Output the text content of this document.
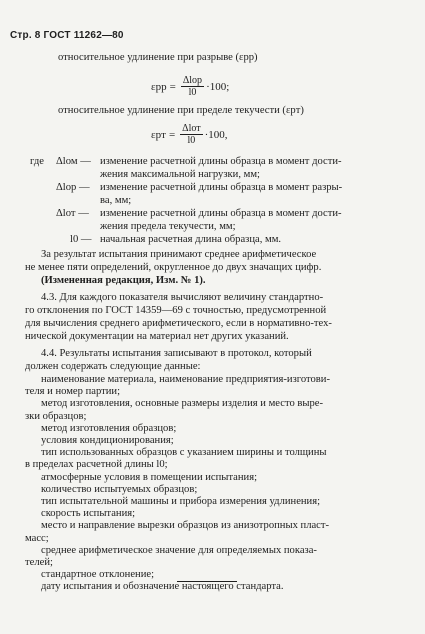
Стр. 8 ГОСТ 11262—80
относительное удлинение при разрыве (εpp)
$\varepsilon pp = \frac{\text{Δlop}}{l0} \cdot 100$;
относительное удлинение при пределе текучести (εpт)
$\varepsilon pт = \frac{\text{Δlот}}{l0} \cdot 100$,
где Δlом — изменение расчетной длины образца в момент дости-
жения максимальной нагрузки, мм;
Δlор — изменение расчетной длины образца в момент разры-
ва, мм;
Δlот — изменение расчетной длины образца в момент дости-
жения предела текучести, мм;
l0 — начальная расчетная длина образца, мм.
За результат испытания принимают среднее арифметическое
не менее пяти определений, округленное до двух значащих цифр.
(Измененная редакция, Изм. № 1).
4.3. Для каждого показателя вычисляют величину стандартно-
го отклонения по ГОСТ 14359—69 с точностью, предусмотренной
для вычисления среднего арифметического, если в нормативно-тех-
нической документации на материал нет других указаний.
4.4. Результаты испытания записывают в протокол, который
должен содержать следующие данные:
наименование материала, наименование предприятия-изготови-
теля и номер партии;
метод изготовления, основные размеры изделия и место выре-
зки образцов;
метод изготовления образцов;
условия кондиционирования;
тип использованных образцов с указанием ширины и толщины
в пределах расчетной длины l0;
атмосферные условия в помещении испытания;
количество испытуемых образцов;
тип испытательной машины и прибора измерения удлинения;
скорость испытания;
место и направление вырезки образцов из анизотропных пласт-
масс;
среднее арифметическое значение для определяемых показа-
телей;
стандартное отклонение;
дату испытания и обозначение настоящего стандарта.
